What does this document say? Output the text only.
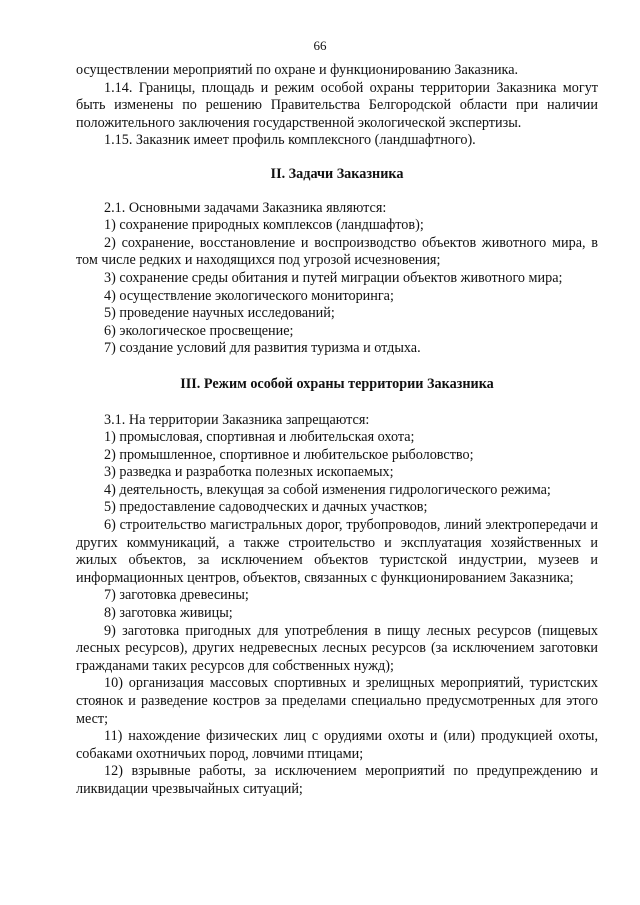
66

осуществлении мероприятий по охране и функционированию Заказника.

1.14. Границы, площадь и режим особой охраны территории Заказника могут быть изменены по решению Правительства Белгородской области при наличии положительного заключения государственной экологической экспертизы.

1.15. Заказник имеет профиль комплексного (ландшафтного).

II. Задачи Заказника

2.1. Основными задачами Заказника являются:

1) сохранение природных комплексов (ландшафтов);

2) сохранение, восстановление и воспроизводство объектов животного мира, в том числе редких и находящихся под угрозой исчезновения;

3) сохранение среды обитания и путей миграции объектов животного мира;

4) осуществление экологического мониторинга;

5) проведение научных исследований;

6) экологическое просвещение;

7) создание условий для развития туризма и отдыха.

III. Режим особой охраны территории Заказника

3.1. На территории Заказника запрещаются:

1) промысловая, спортивная и любительская охота;

2) промышленное, спортивное и любительское рыболовство;

3) разведка и разработка полезных ископаемых;

4) деятельность, влекущая за собой изменения гидрологического режима;

5) предоставление садоводческих и дачных участков;

6) строительство магистральных дорог, трубопроводов, линий электропередачи и других коммуникаций, а также строительство и эксплуатация хозяйственных и жилых объектов, за исключением объектов туристской индустрии, музеев и информационных центров, объектов, связанных с функционированием Заказника;

7) заготовка древесины;

8) заготовка живицы;

9) заготовка пригодных для употребления в пищу лесных ресурсов (пищевых лесных ресурсов), других недревесных лесных ресурсов (за исключением заготовки гражданами таких ресурсов для собственных нужд);

10) организация массовых спортивных и зрелищных мероприятий, туристских стоянок и разведение костров за пределами специально предусмотренных для этого мест;

11) нахождение физических лиц с орудиями охоты и (или) продукцией охоты, собаками охотничьих пород, ловчими птицами;

12) взрывные работы, за исключением мероприятий по предупреждению и ликвидации чрезвычайных ситуаций;
